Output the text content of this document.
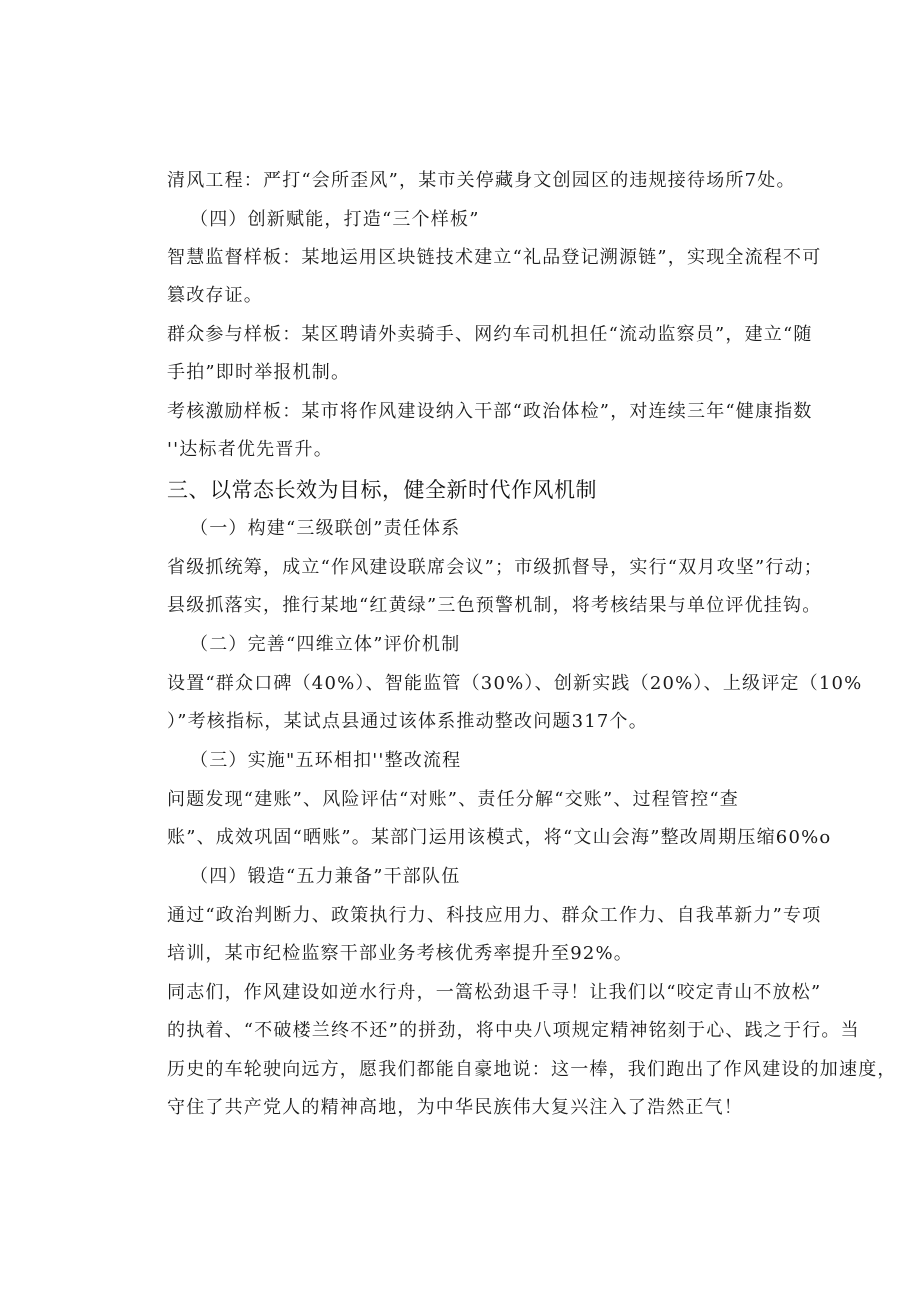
清风工程：严打“会所歪风”，某市关停藏身文创园区的违规接待场所7处。
（四）创新赋能，打造“三个样板”
智慧监督样板：某地运用区块链技术建立“礼品登记溯源链”，实现全流程不可
篡改存证。
群众参与样板：某区聘请外卖骑手、网约车司机担任“流动监察员”，建立“随
手拍”即时举报机制。
考核激励样板：某市将作风建设纳入干部“政治体检”，对连续三年“健康指数
''达标者优先晋升。
三、以常态长效为目标，健全新时代作风机制
（一）构建“三级联创”责任体系
省级抓统筹，成立“作风建设联席会议”；市级抓督导，实行“双月攻坚”行动；
县级抓落实，推行某地“红黄绿”三色预警机制，将考核结果与单位评优挂钩。
（二）完善“四维立体”评价机制
设置“群众口碑（40%）、智能监管（30%）、创新实践（20%）、上级评定（10%
）”考核指标，某试点县通过该体系推动整改问题317个。
（三）实施"五环相扣''整改流程
问题发现“建账”、风险评估“对账”、责任分解“交账”、过程管控“查
账”、成效巩固“晒账”。某部门运用该模式，将“文山会海”整改周期压缩60%o
（四）锻造“五力兼备”干部队伍
通过“政治判断力、政策执行力、科技应用力、群众工作力、自我革新力”专项
培训，某市纪检监察干部业务考核优秀率提升至92%。
同志们，作风建设如逆水行舟，一篙松劲退千寻！让我们以“咬定青山不放松”
的执着、“不破楼兰终不还”的拼劲，将中央八项规定精神铭刻于心、践之于行。当
历史的车轮驶向远方，愿我们都能自豪地说：这一棒，我们跑出了作风建设的加速度，
守住了共产党人的精神高地，为中华民族伟大复兴注入了浩然正气！
